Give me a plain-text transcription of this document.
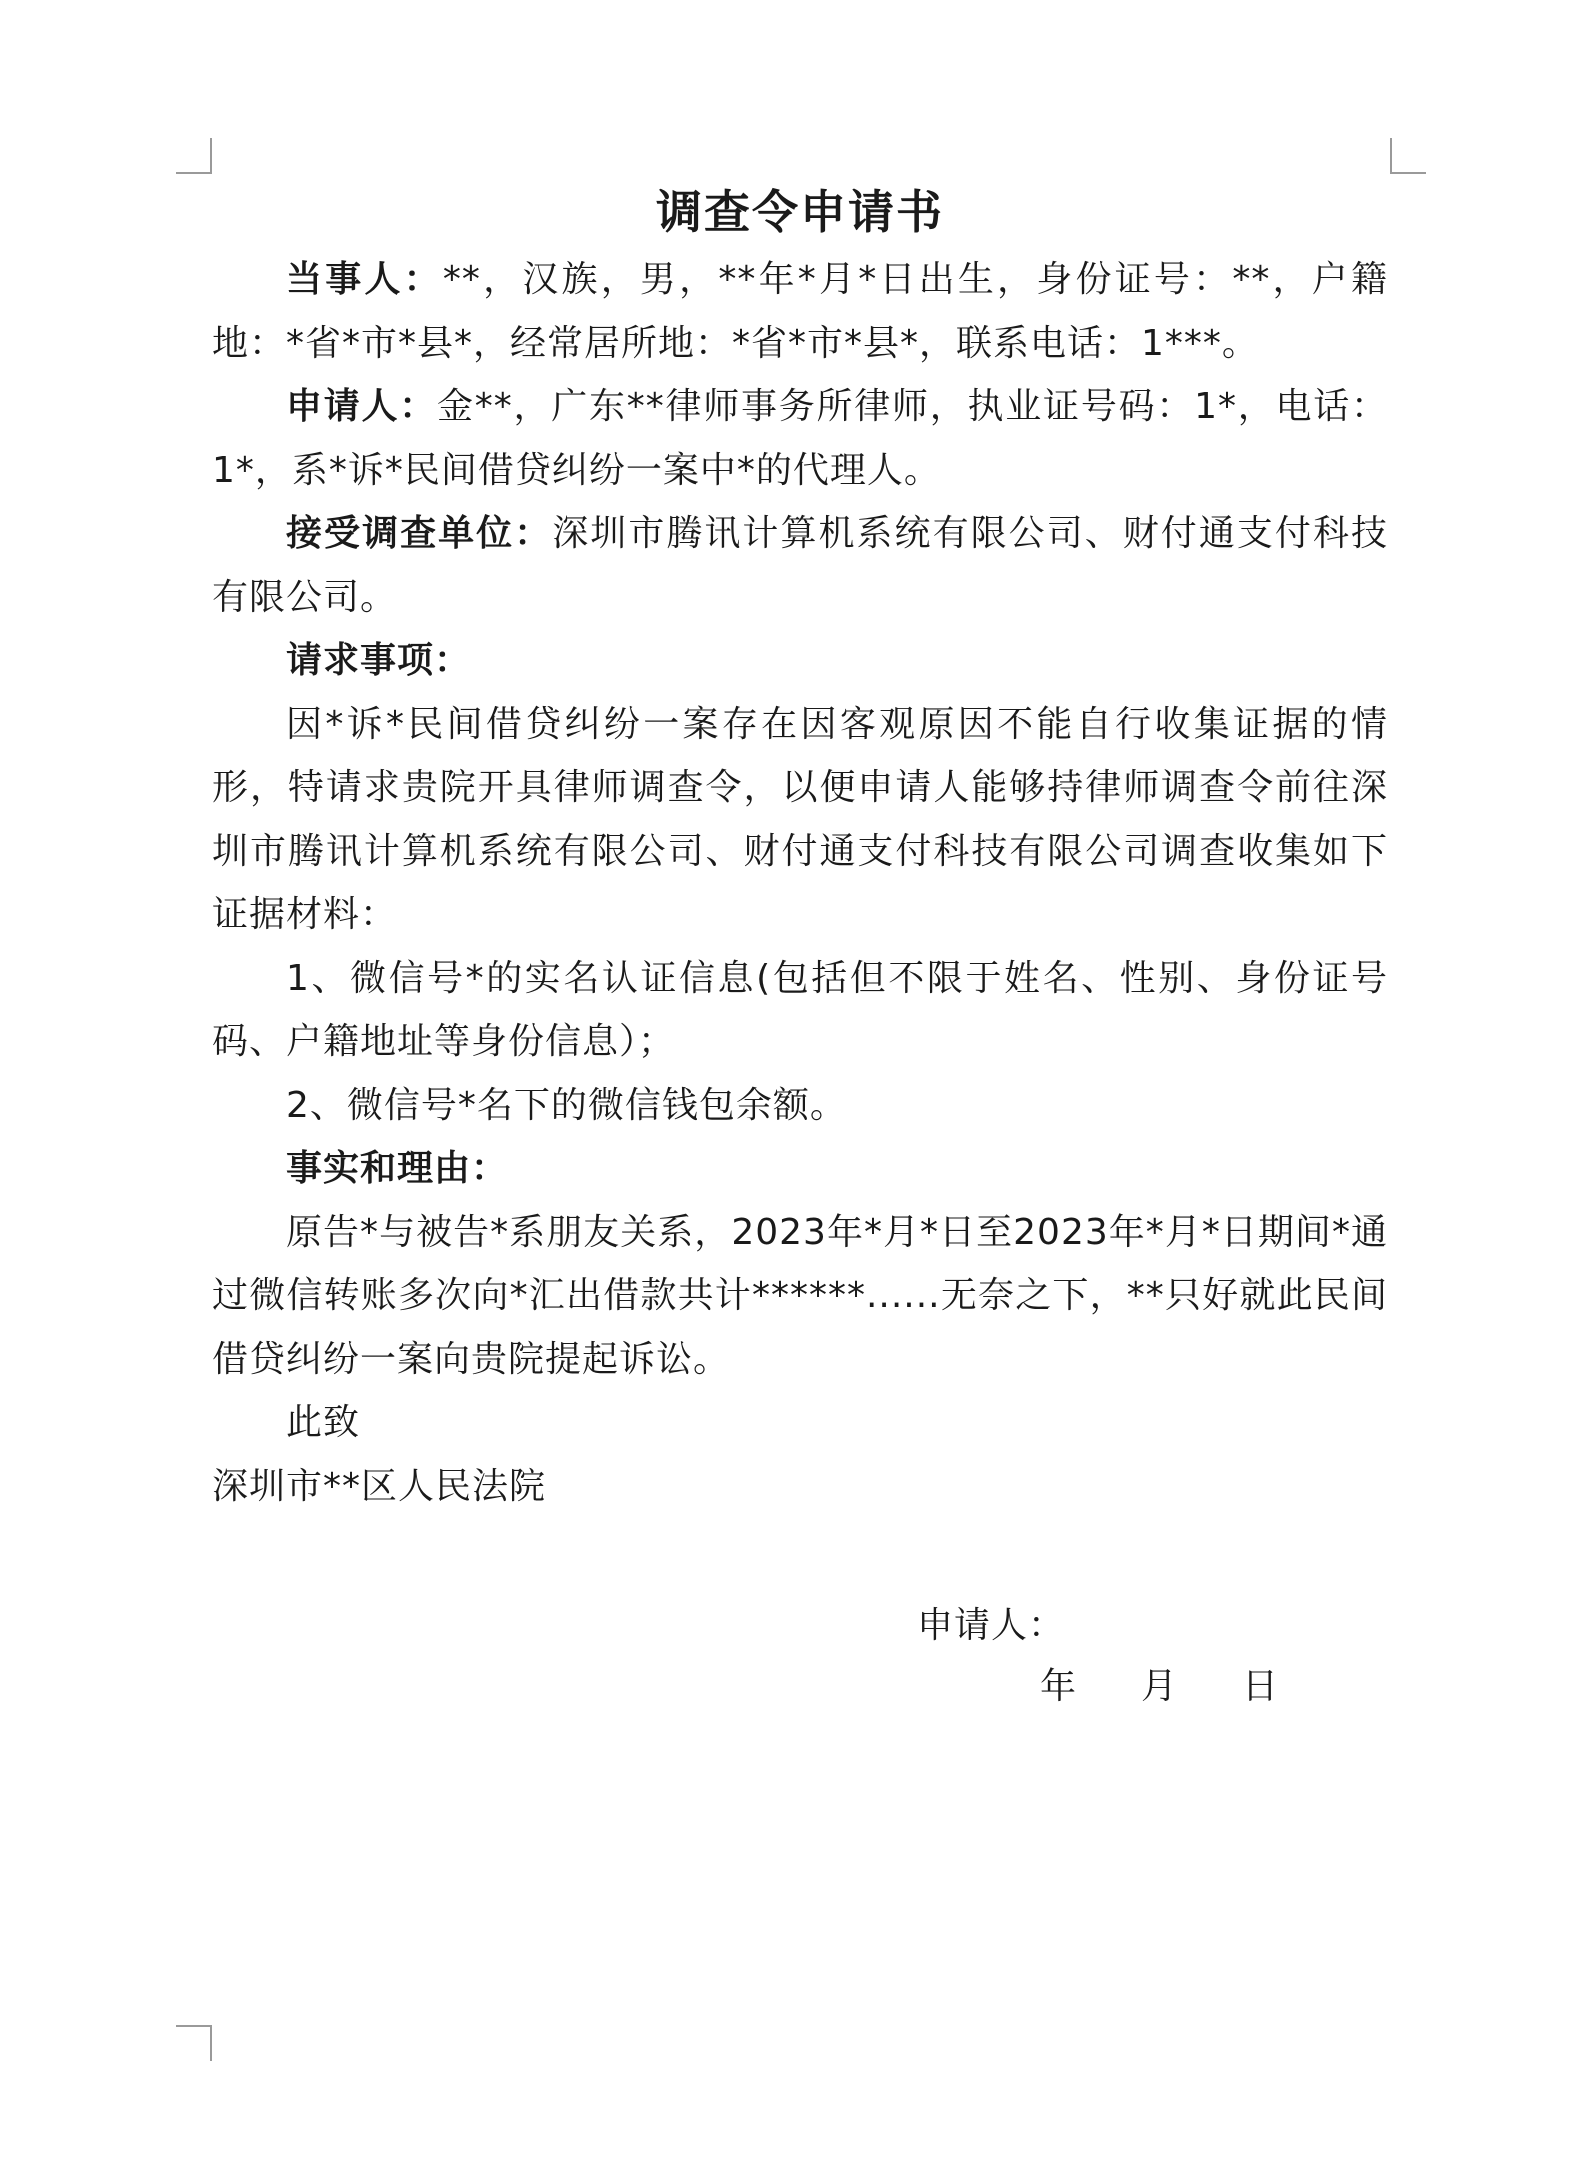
调查令申请书

当事人：**，汉族，男，**年*月*日出生，身份证号：**，户籍地：*省*市*县*，经常居所地：*省*市*县*，联系电话：1***。

申请人：金**，广东**律师事务所律师，执业证号码：1*，电话：1*，系*诉*民间借贷纠纷一案中*的代理人。

接受调查单位：深圳市腾讯计算机系统有限公司、财付通支付科技有限公司。

请求事项：

因*诉*民间借贷纠纷一案存在因客观原因不能自行收集证据的情形，特请求贵院开具律师调查令，以便申请人能够持律师调查令前往深圳市腾讯计算机系统有限公司、财付通支付科技有限公司调查收集如下证据材料：

1、微信号*的实名认证信息(包括但不限于姓名、性别、身份证号码、户籍地址等身份信息）；

2、微信号*名下的微信钱包余额。

事实和理由：

原告*与被告*系朋友关系，2023年*月*日至2023年*月*日期间*通过微信转账多次向*汇出借款共计******......无奈之下，**只好就此民间借贷纠纷一案向贵院提起诉讼。

此致

深圳市**区人民法院

申请人：
年 月 日
